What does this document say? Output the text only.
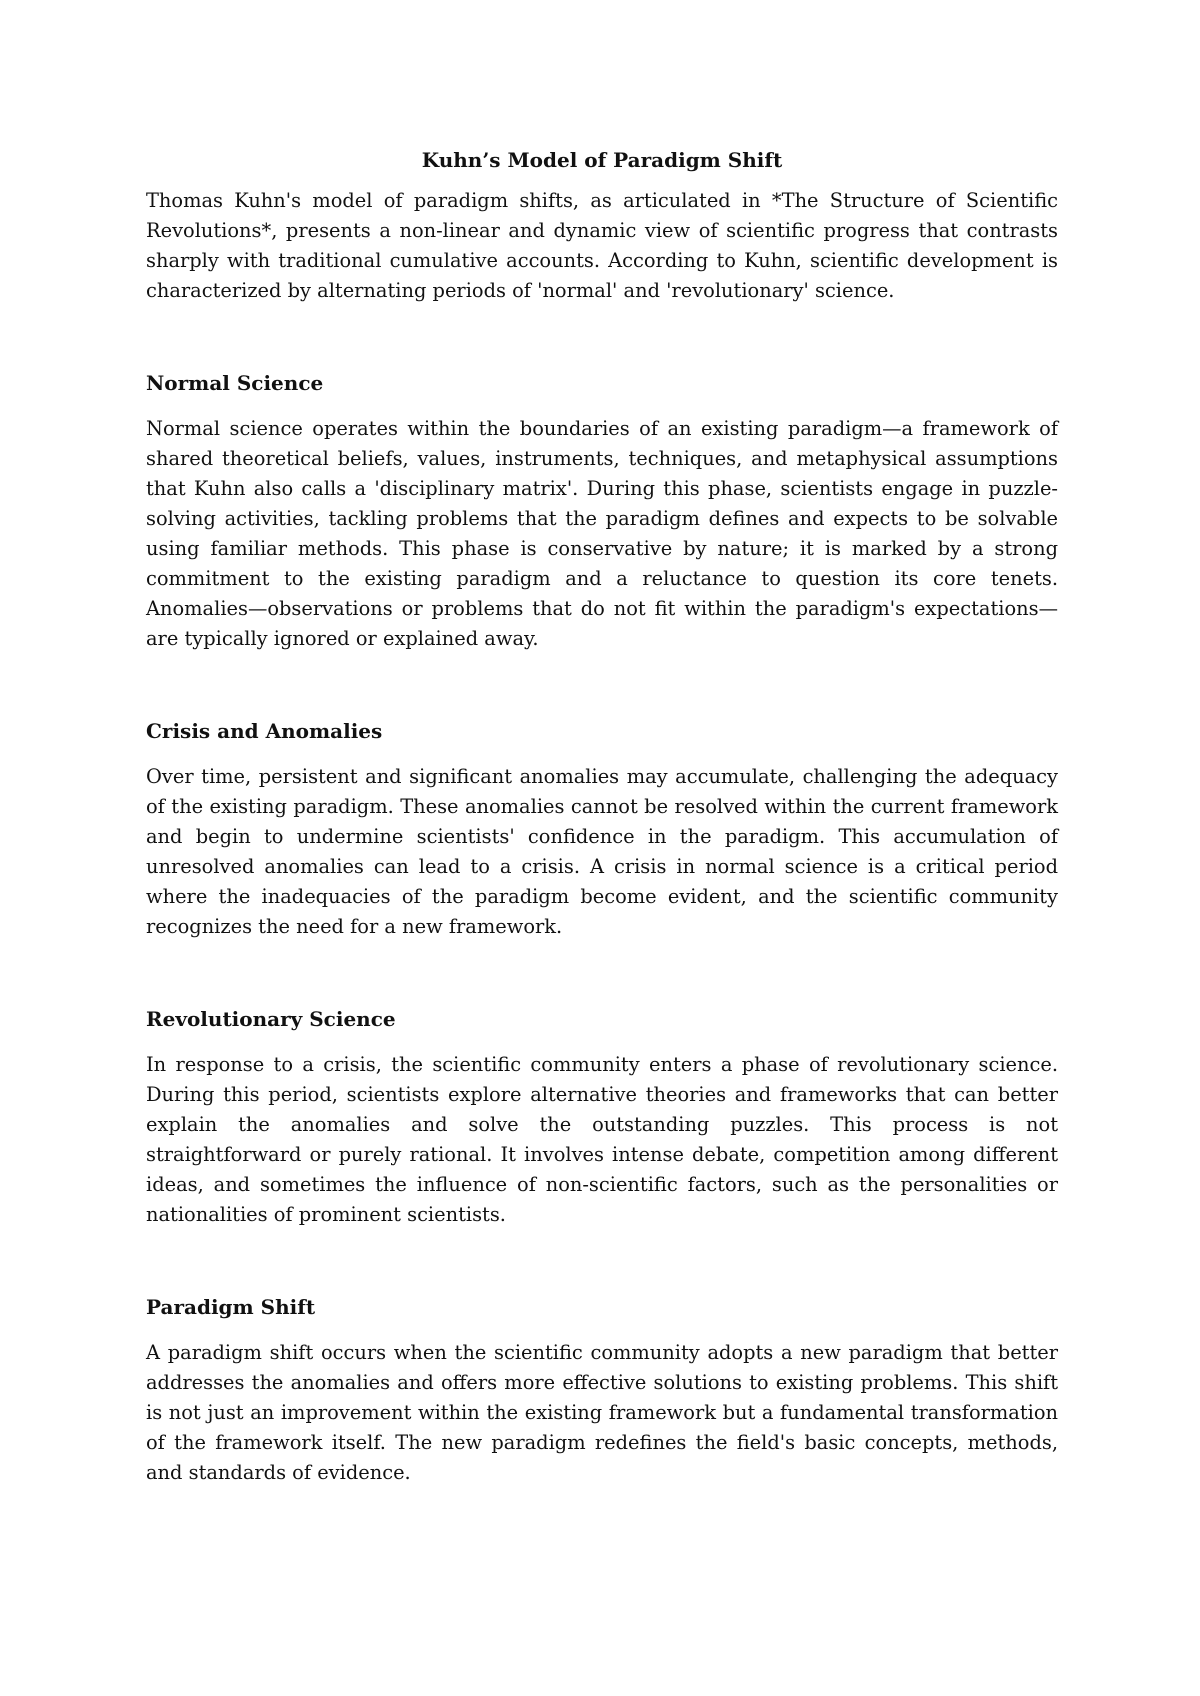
Kuhn’s Model of Paradigm Shift

Thomas Kuhn's model of paradigm shifts, as articulated in *The Structure of Scientific Revolutions*, presents a non-linear and dynamic view of scientific progress that contrasts sharply with traditional cumulative accounts. According to Kuhn, scientific development is characterized by alternating periods of 'normal' and 'revolutionary' science.

Normal Science

Normal science operates within the boundaries of an existing paradigm—a framework of shared theoretical beliefs, values, instruments, techniques, and metaphysical assumptions that Kuhn also calls a 'disciplinary matrix'. During this phase, scientists engage in puzzle-solving activities, tackling problems that the paradigm defines and expects to be solvable using familiar methods. This phase is conservative by nature; it is marked by a strong commitment to the existing paradigm and a reluctance to question its core tenets. Anomalies—observations or problems that do not fit within the paradigm's expectations—are typically ignored or explained away.

Crisis and Anomalies

Over time, persistent and significant anomalies may accumulate, challenging the adequacy of the existing paradigm. These anomalies cannot be resolved within the current framework and begin to undermine scientists' confidence in the paradigm. This accumulation of unresolved anomalies can lead to a crisis. A crisis in normal science is a critical period where the inadequacies of the paradigm become evident, and the scientific community recognizes the need for a new framework.

Revolutionary Science

In response to a crisis, the scientific community enters a phase of revolutionary science. During this period, scientists explore alternative theories and frameworks that can better explain the anomalies and solve the outstanding puzzles. This process is not straightforward or purely rational. It involves intense debate, competition among different ideas, and sometimes the influence of non-scientific factors, such as the personalities or nationalities of prominent scientists.

Paradigm Shift

A paradigm shift occurs when the scientific community adopts a new paradigm that better addresses the anomalies and offers more effective solutions to existing problems. This shift is not just an improvement within the existing framework but a fundamental transformation of the framework itself. The new paradigm redefines the field's basic concepts, methods, and standards of evidence.
